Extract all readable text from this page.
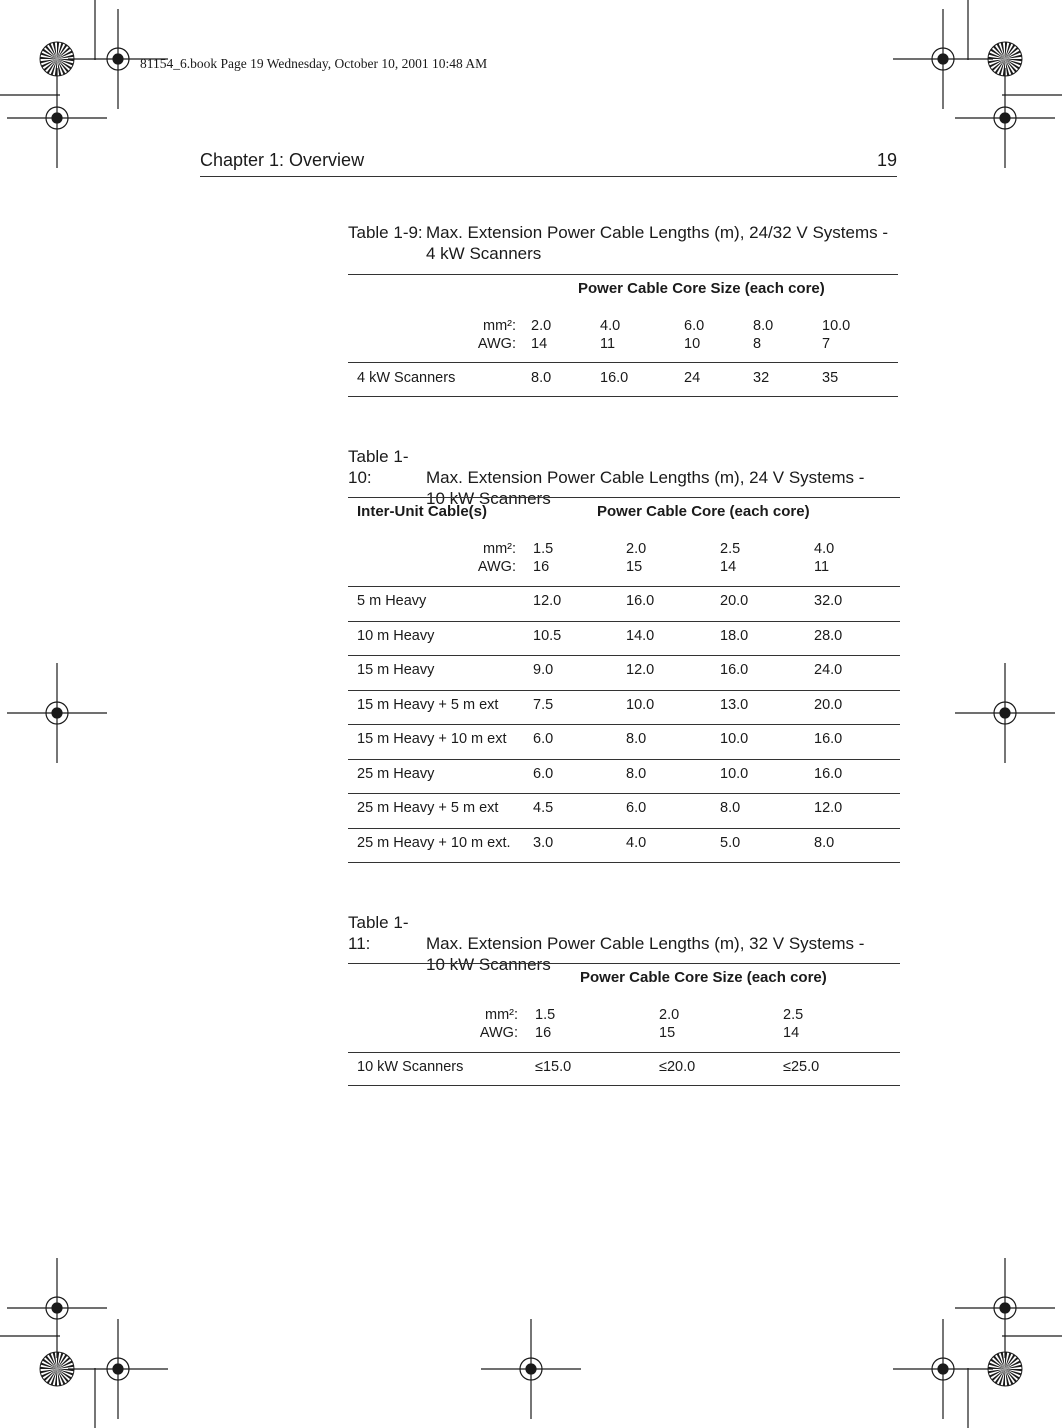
81154_6.book Page 19 Wednesday, October 10, 2001 10:48 AM
Chapter 1: Overview	19
Table 1-9: Max. Extension Power Cable Lengths (m), 24/32 V Systems -
4 kW Scanners
Power Cable Core Size (each core)
mm²:
AWG:
2.0	4.0	6.0	8.0	10.0
14	11	10	8	7
4 kW Scanners	8.0	16.0	24	32	35
Table 1-10:	Max. Extension Power Cable Lengths (m), 24 V Systems -
10 kW Scanners
Inter-Unit Cable(s)	Power Cable Core (each core)
mm²:
AWG:
1.5	2.0	2.5	4.0
16	15	14	11
5 m Heavy	12.0	16.0	20.0	32.0
10 m Heavy	10.5	14.0	18.0	28.0
15 m Heavy	9.0	12.0	16.0	24.0
15 m Heavy + 5 m ext 7.5	10.0	13.0	20.0
15 m Heavy + 10 m ext 6.0	8.0	10.0	16.0
25 m Heavy	6.0	8.0	10.0	16.0
25 m Heavy + 5 m ext 4.5	6.0	8.0	12.0
25 m Heavy + 10 m ext. 3.0	4.0	5.0	8.0
Table 1-11:	Max. Extension Power Cable Lengths (m), 32 V Systems -
10 kW Scanners
Power Cable Core Size (each core)
mm²:
AWG:
1.5	2.0	2.5
16	15	14
10 kW Scanners	≤15.0	≤20.0	≤25.0
